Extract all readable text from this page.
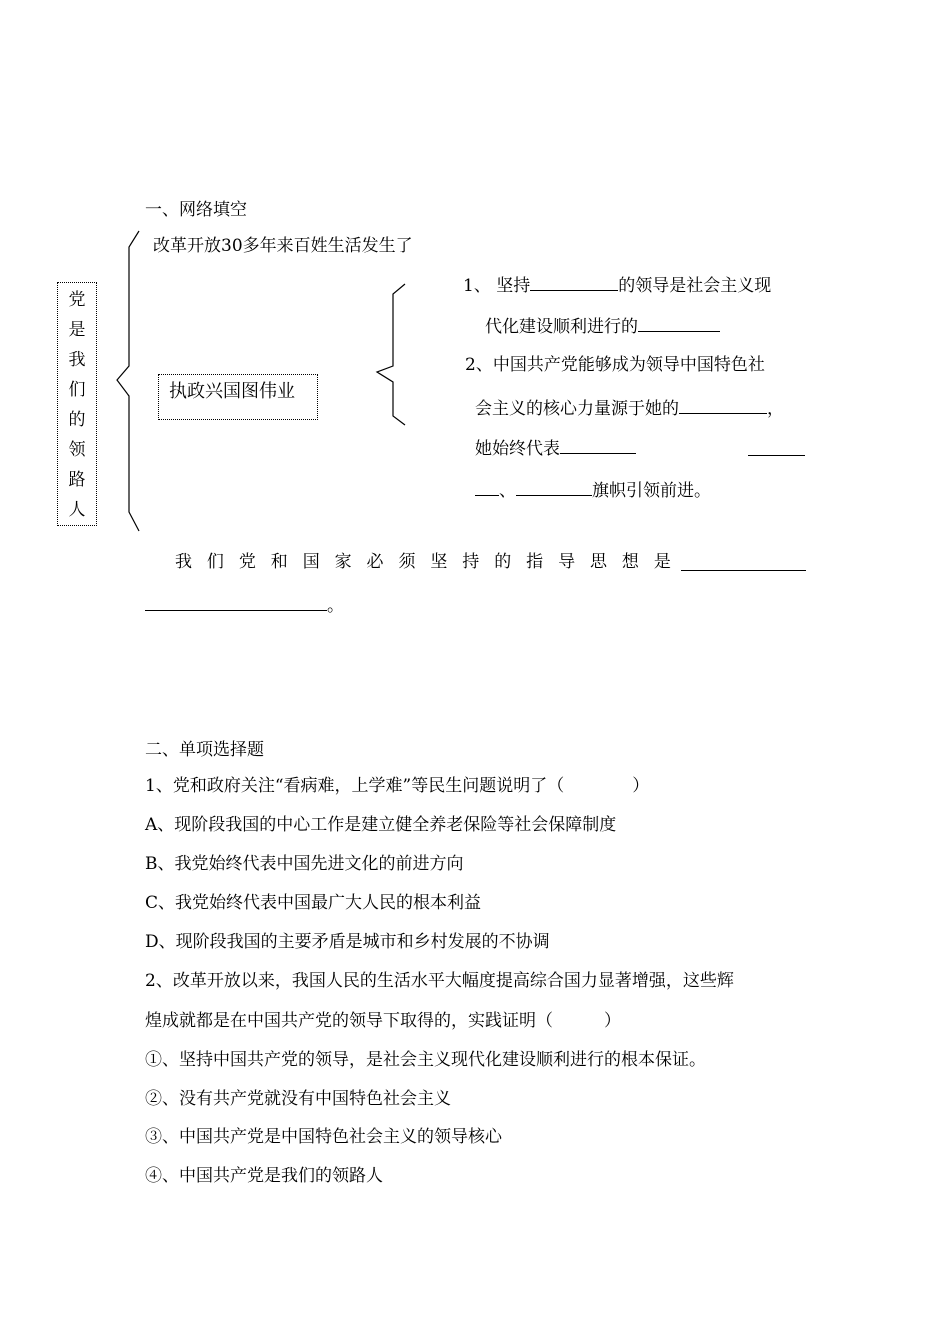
一、网络填空
党
是
我
们
的
领
路
人
改革开放30多年来百姓生活发生了
执政兴国图伟业
1、 坚持	的领导是社会主义现
代化建设顺利进行的
2、中国共产党能够成为领导中国特色社
会主义的核心力量源于她的	，
她始终代表
、	旗帜引领前进。
我 们 党 和 国 家 必 须 坚 持 的 指 导 思 想 是
。
二、单项选择题
1、党和政府关注“看病难，上学难”等民生问题说明了（　　　　）
A、现阶段我国的中心工作是建立健全养老保险等社会保障制度
B、我党始终代表中国先进文化的前进方向
C、我党始终代表中国最广大人民的根本利益
D、现阶段我国的主要矛盾是城市和乡村发展的不协调
2、改革开放以来，我国人民的生活水平大幅度提高综合国力显著增强，这些辉
煌成就都是在中国共产党的领导下取得的，实践证明（　　　）
①、坚持中国共产党的领导，是社会主义现代化建设顺利进行的根本保证。
②、没有共产党就没有中国特色社会主义
③、中国共产党是中国特色社会主义的领导核心
④、中国共产党是我们的领路人
